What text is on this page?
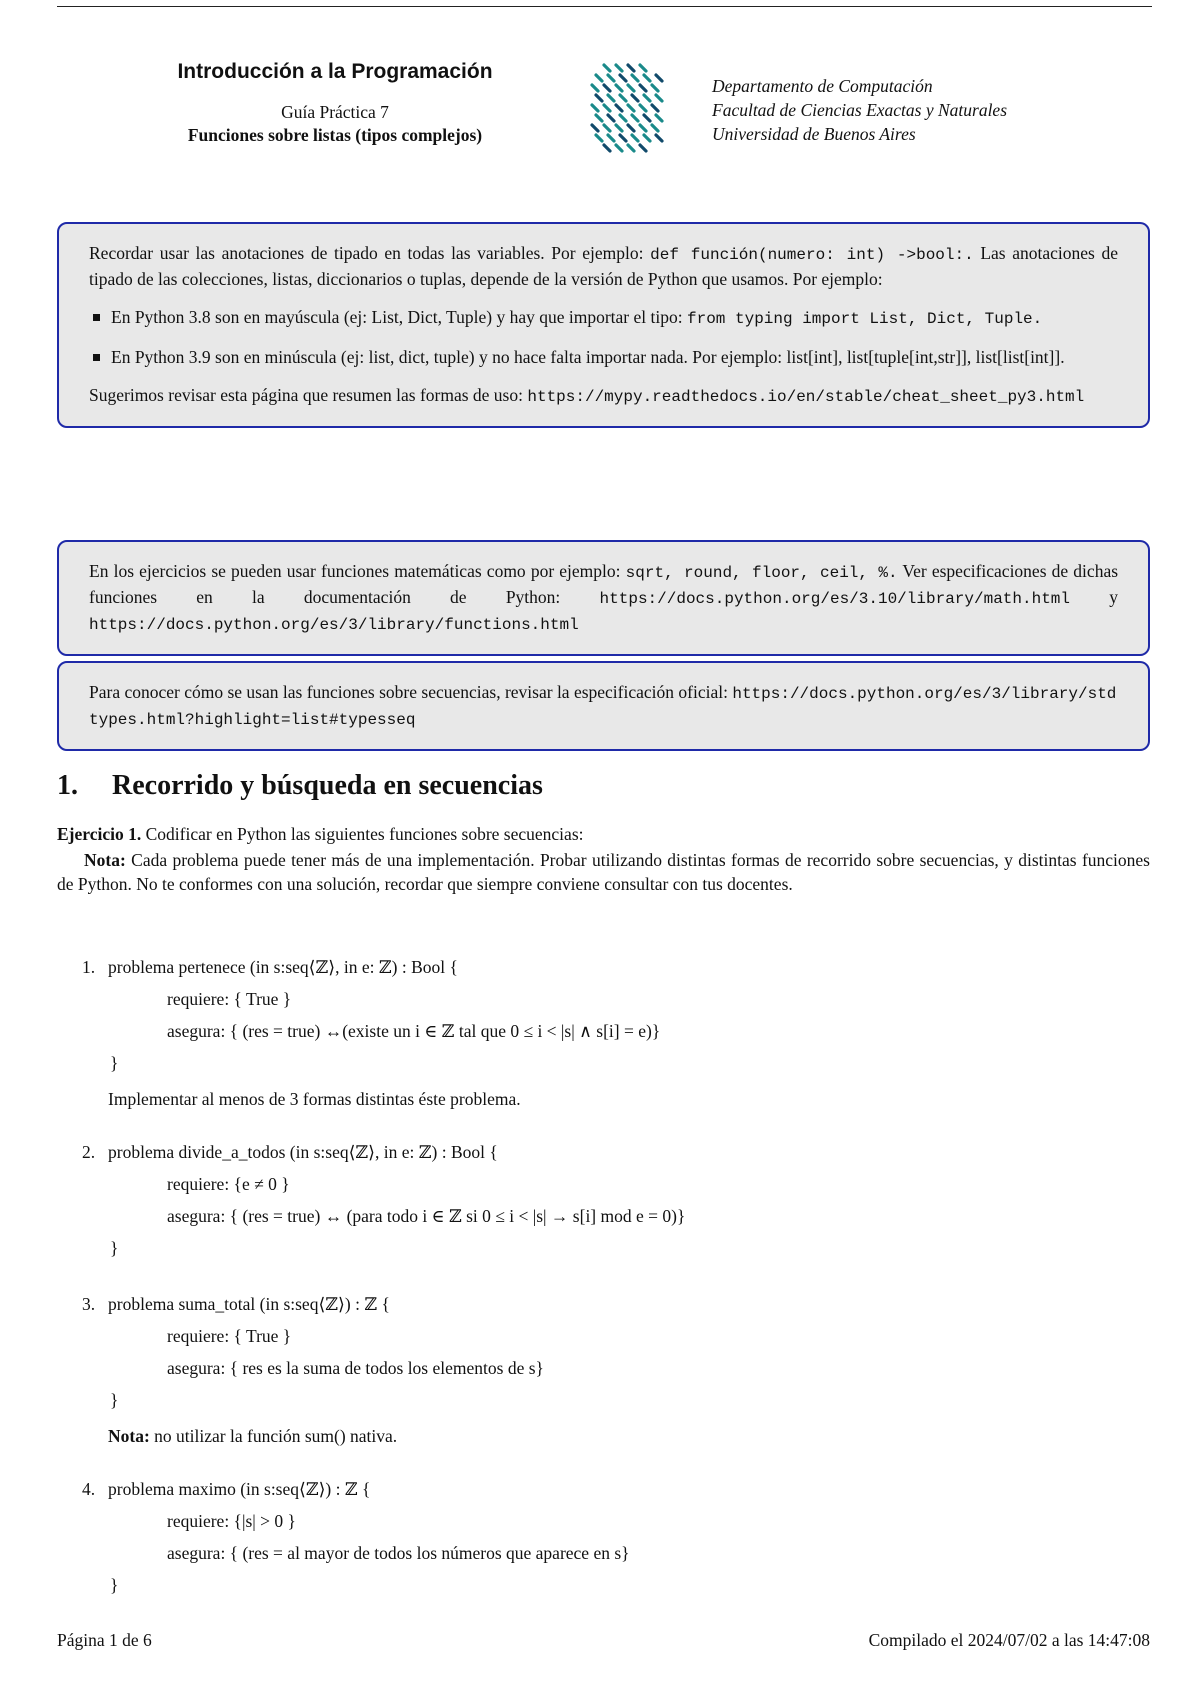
Introducción a la Programación
Guía Práctica 7
Funciones sobre listas (tipos complejos)
Departamento de Computación
Facultad de Ciencias Exactas y Naturales
Universidad de Buenos Aires

Recordar usar las anotaciones de tipado en todas las variables. Por ejemplo: def función(numero: int) ->bool:. Las anotaciones de tipado de las colecciones, listas, diccionarios o tuplas, depende de la versión de Python que usamos. Por ejemplo:

En Python 3.8 son en mayúscula (ej: List, Dict, Tuple) y hay que importar el tipo: from typing import List, Dict, Tuple.
En Python 3.9 son en minúscula (ej: list, dict, tuple) y no hace falta importar nada. Por ejemplo: list[int], list[tuple[int,str]], list[list[int]].

Sugerimos revisar esta página que resumen las formas de uso: https://mypy.readthedocs.io/en/stable/cheat_sheet_py3.html

En los ejercicios se pueden usar funciones matemáticas como por ejemplo: sqrt, round, floor, ceil, %. Ver especificaciones de dichas funciones en la documentación de Python: https://docs.python.org/es/3.10/library/math.html y https://docs.python.org/es/3/library/functions.html

Para conocer cómo se usan las funciones sobre secuencias, revisar la especificación oficial: https://docs.python.org/es/3/library/stdtypes.html?highlight=list#typesseq

1. Recorrido y búsqueda en secuencias
Ejercicio 1. Codificar en Python las siguientes funciones sobre secuencias:
Nota: Cada problema puede tener más de una implementación. Probar utilizando distintas formas de recorrido sobre secuencias, y distintas funciones de Python. No te conformes con una solución, recordar que siempre conviene consultar con tus docentes.
1. problema pertenece (in s:seq⟨ℤ⟩, in e: ℤ) : Bool {
requiere: { True }
asegura: { (res = true) ↔(existe un i ∈ ℤ tal que 0 ≤ i < |s| ∧ s[i] = e)}
}
Implementar al menos de 3 formas distintas éste problema.
2. problema divide_a_todos (in s:seq⟨ℤ⟩, in e: ℤ) : Bool {
requiere: {e ≠ 0 }
asegura: { (res = true) ↔ (para todo i ∈ ℤ si 0 ≤ i < |s| → s[i] mod e = 0)}
}
3. problema suma_total (in s:seq⟨ℤ⟩) : ℤ {
requiere: { True }
asegura: { res es la suma de todos los elementos de s}
}
Nota: no utilizar la función sum() nativa.
4. problema maximo (in s:seq⟨ℤ⟩) : ℤ {
requiere: {|s| > 0 }
asegura: { (res = al mayor de todos los números que aparece en s}
}
Página 1 de 6	Compilado el 2024/07/02 a las 14:47:08
